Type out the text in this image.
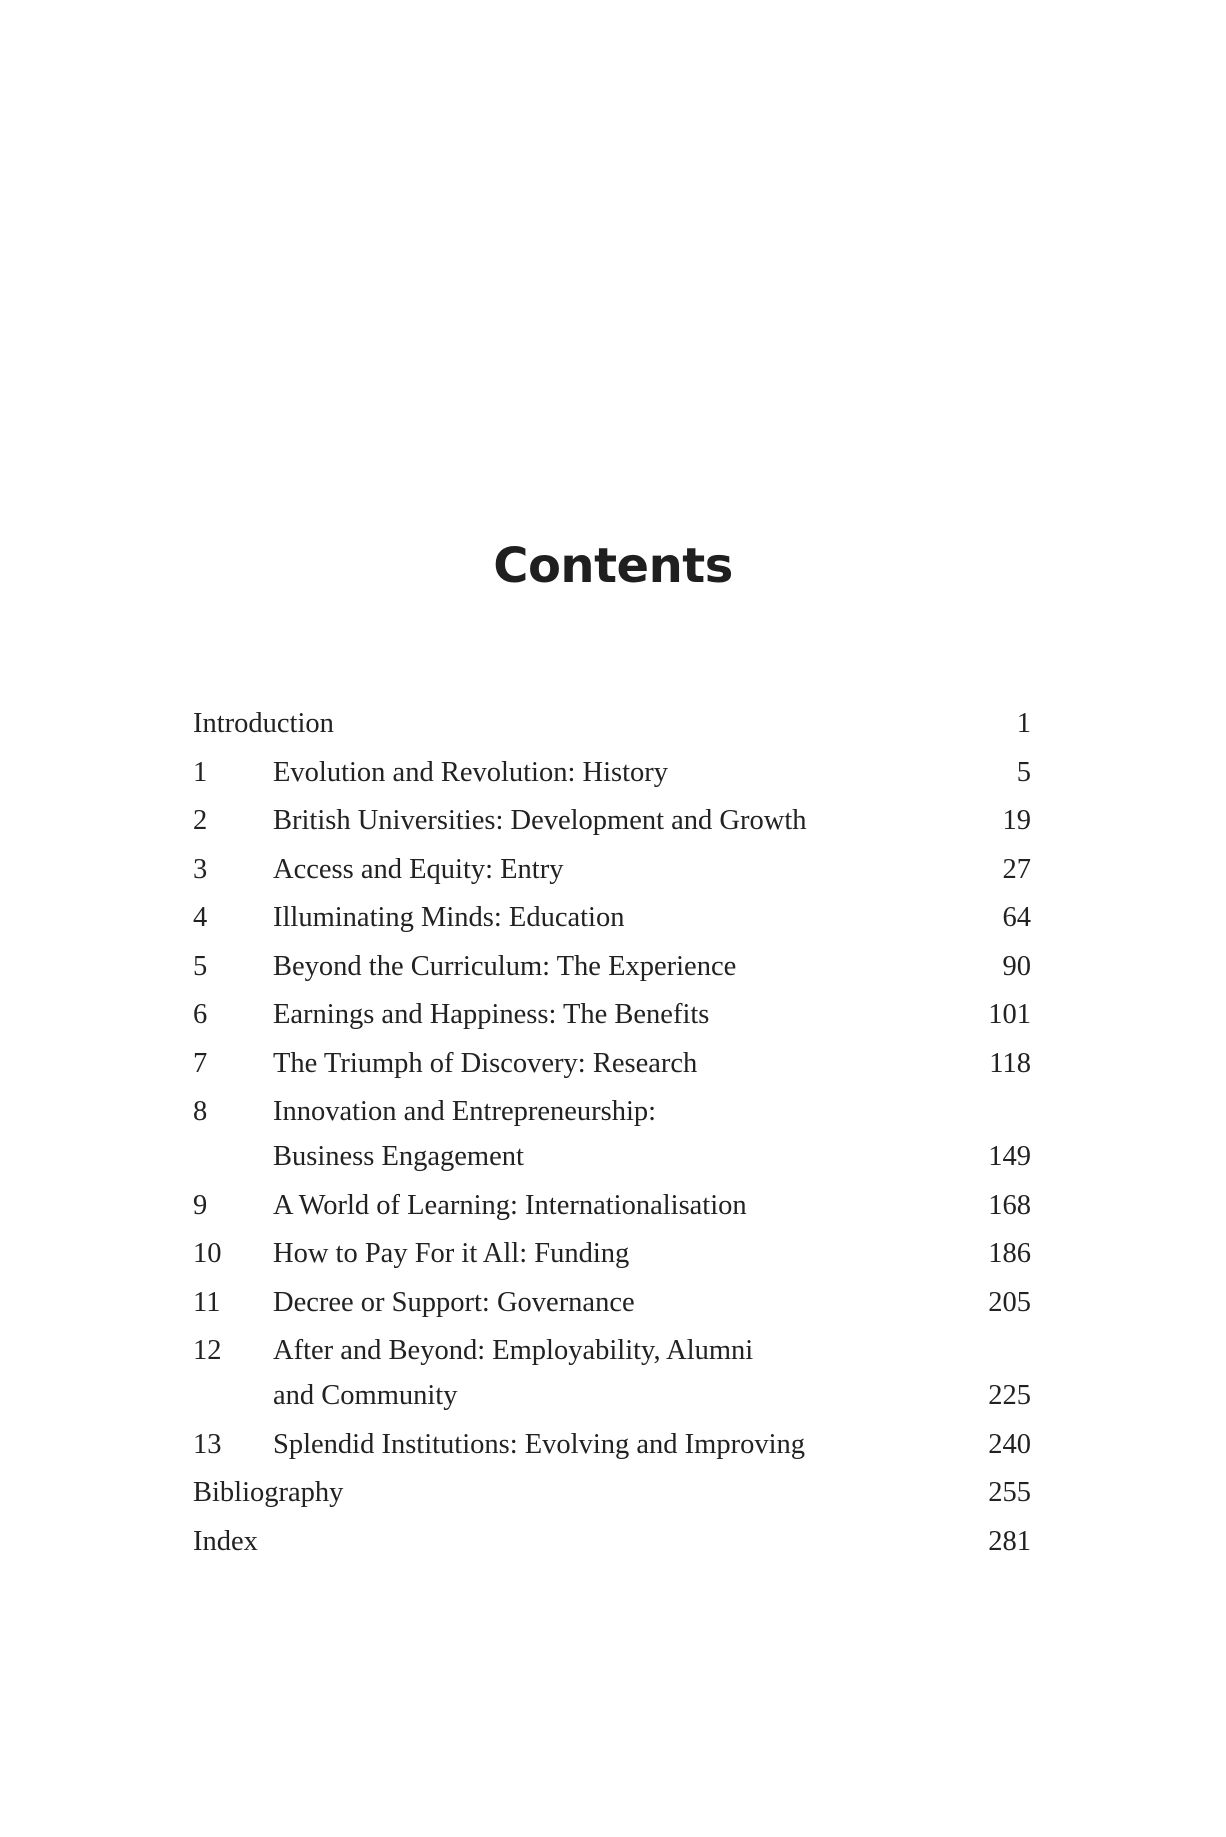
Contents
Introduction	1
1	Evolution and Revolution: History	5
2	British Universities: Development and Growth	19
3	Access and Equity: Entry	27
4	Illuminating Minds: Education	64
5	Beyond the Curriculum: The Experience	90
6	Earnings and Happiness: The Benefits	101
7	The Triumph of Discovery: Research	118
8	Innovation and Entrepreneurship:
Business Engagement	149
9	A World of Learning: Internationalisation	168
10	How to Pay For it All: Funding	186
11	Decree or Support: Governance	205
12	After and Beyond: Employability, Alumni
and Community	225
13	Splendid Institutions: Evolving and Improving	240
Bibliography	255
Index	281
